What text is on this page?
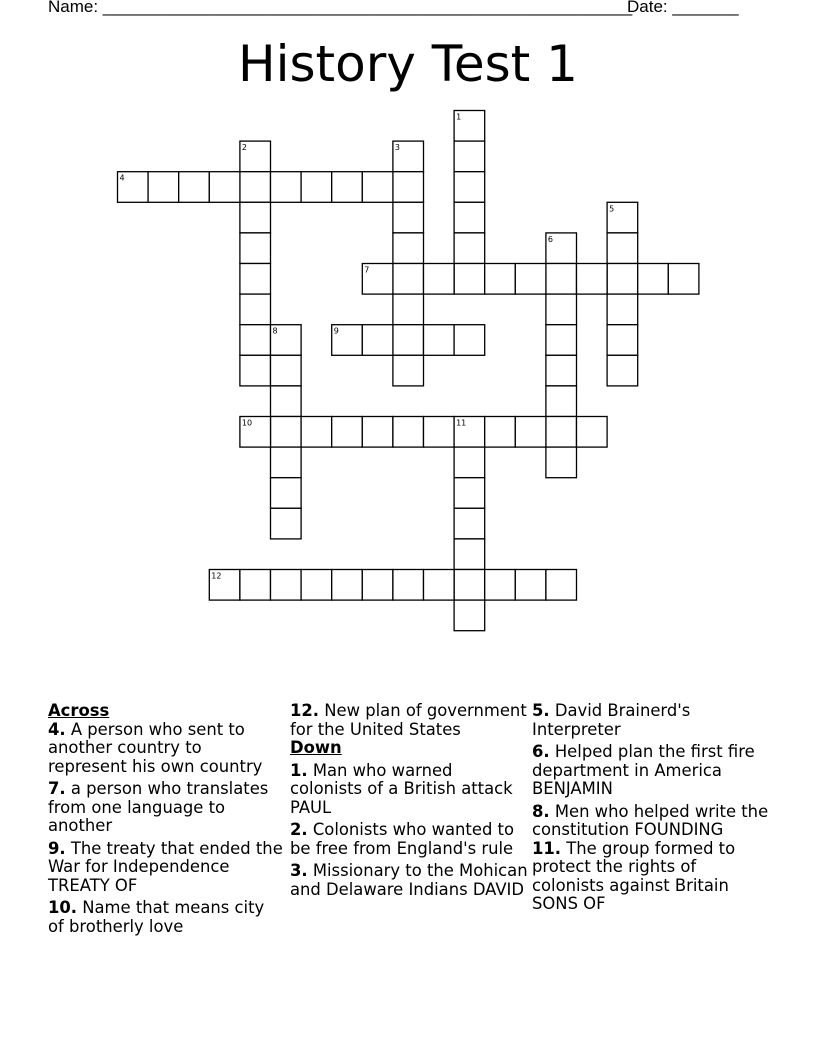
Name: ________________________________________________________

Date: _______

History Test 1
1
2	3
4
5
6
7
8	9
10	11
12

Across

4. A person who sent to another country to represent his own country

7. a person who translates from one language to another

9. The treaty that ended the War for Independence TREATY OF

10. Name that means city of brotherly love

12. New plan of government for the United States

Down

1. Man who warned colonists of a British attack PAUL

2. Colonists who wanted to be free from England's rule

3. Missionary to the Mohican and Delaware Indians DAVID

5. David Brainerd's Interpreter

6. Helped plan the first fire department in America BENJAMIN

8. Men who helped write the constitution FOUNDING

11. The group formed to protect the rights of colonists against Britain SONS OF
